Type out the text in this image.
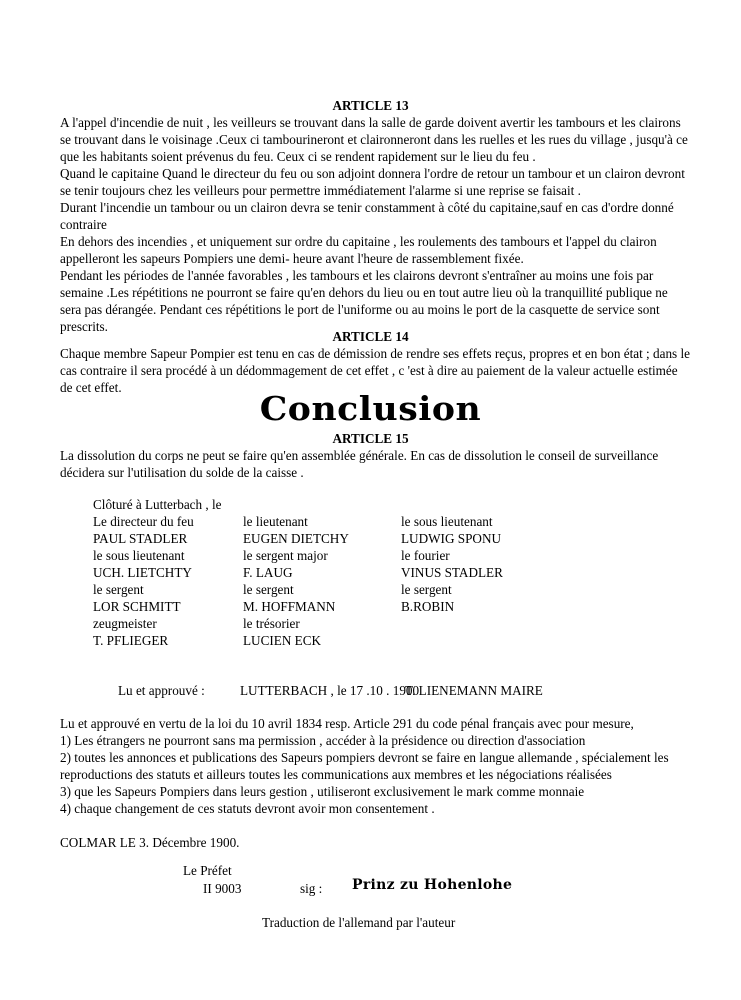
ARTICLE 13

A l'appel d'incendie de nuit , les veilleurs se trouvant dans la salle de garde doivent avertir les tambours et les clairons se trouvant dans le voisinage .Ceux ci tambourineront et claironneront dans les ruelles et les rues du village , jusqu'à ce que les habitants soient prévenus du feu. Ceux ci se rendent rapidement sur le lieu du feu .

Quand le capitaine Quand le directeur du feu ou son adjoint donnera l'ordre de retour un tambour et un clairon devront se tenir toujours chez les veilleurs pour permettre immédiatement l'alarme si une reprise se faisait .

Durant l'incendie un tambour ou un clairon devra se tenir constamment à côté du capitaine,sauf en cas d'ordre donné contraire

En dehors des incendies , et uniquement sur ordre du capitaine , les roulements des tambours et l'appel du clairon appelleront les sapeurs Pompiers une demi- heure avant l'heure de rassemblement fixée.

Pendant les périodes de l'année favorables , les tambours et les clairons devront s'entraîner au moins une fois par semaine .Les répétitions ne pourront se faire qu'en dehors du lieu ou en tout autre lieu où la tranquillité publique ne sera pas dérangée. Pendant ces répétitions le port de l'uniforme ou au moins le port de la casquette de service sont prescrits.

ARTICLE 14

Chaque membre Sapeur Pompier est tenu en cas de démission de rendre ses effets reçus, propres et en bon état ; dans le cas contraire il sera procédé à un dédommagement de cet effet , c 'est à dire au paiement de la valeur actuelle estimée de cet effet.

Conclusion
ARTICLE 15

La dissolution du corps ne peut se faire qu'en assemblée générale. En cas de dissolution le conseil de surveillance décidera sur l'utilisation du solde de la caisse .

Clôturé à Lutterbach , le
Le directeur du feu	le lieutenant	le sous lieutenant
PAUL STADLER	EUGEN DIETCHY	LUDWIG SPONU
le sous lieutenant	le sergent major	le fourier
UCH. LIETCHTY	F. LAUG	VINUS STADLER
le sergent	le sergent	le sergent
LOR SCHMITT	M. HOFFMANN	B.ROBIN
zeugmeister	le trésorier
T. PFLIEGER	LUCIEN ECK
Lu et approuvé :	LUTTERBACH , le 17 .10 . 1900
T. LIENEMANN MAIRE

Lu et approuvé en vertu de la loi du 10 avril 1834 resp. Article 291 du code pénal français avec pour mesure,

1) Les étrangers ne pourront sans ma permission , accéder à la présidence ou direction d'association

2) toutes les annonces et publications des Sapeurs pompiers devront se faire en langue allemande , spécialement les reproductions des statuts et ailleurs toutes les communications aux membres et les négociations réalisées

3) que les Sapeurs Pompiers dans leurs gestion , utiliseront exclusivement le mark comme monnaie

4) chaque changement de ces statuts devront avoir mon consentement .

COLMAR LE 3. Décembre 1900.
Le Préfet
II 9003	sig : Prinz zu Hohenlohe
Traduction de l'allemand par l'auteur
